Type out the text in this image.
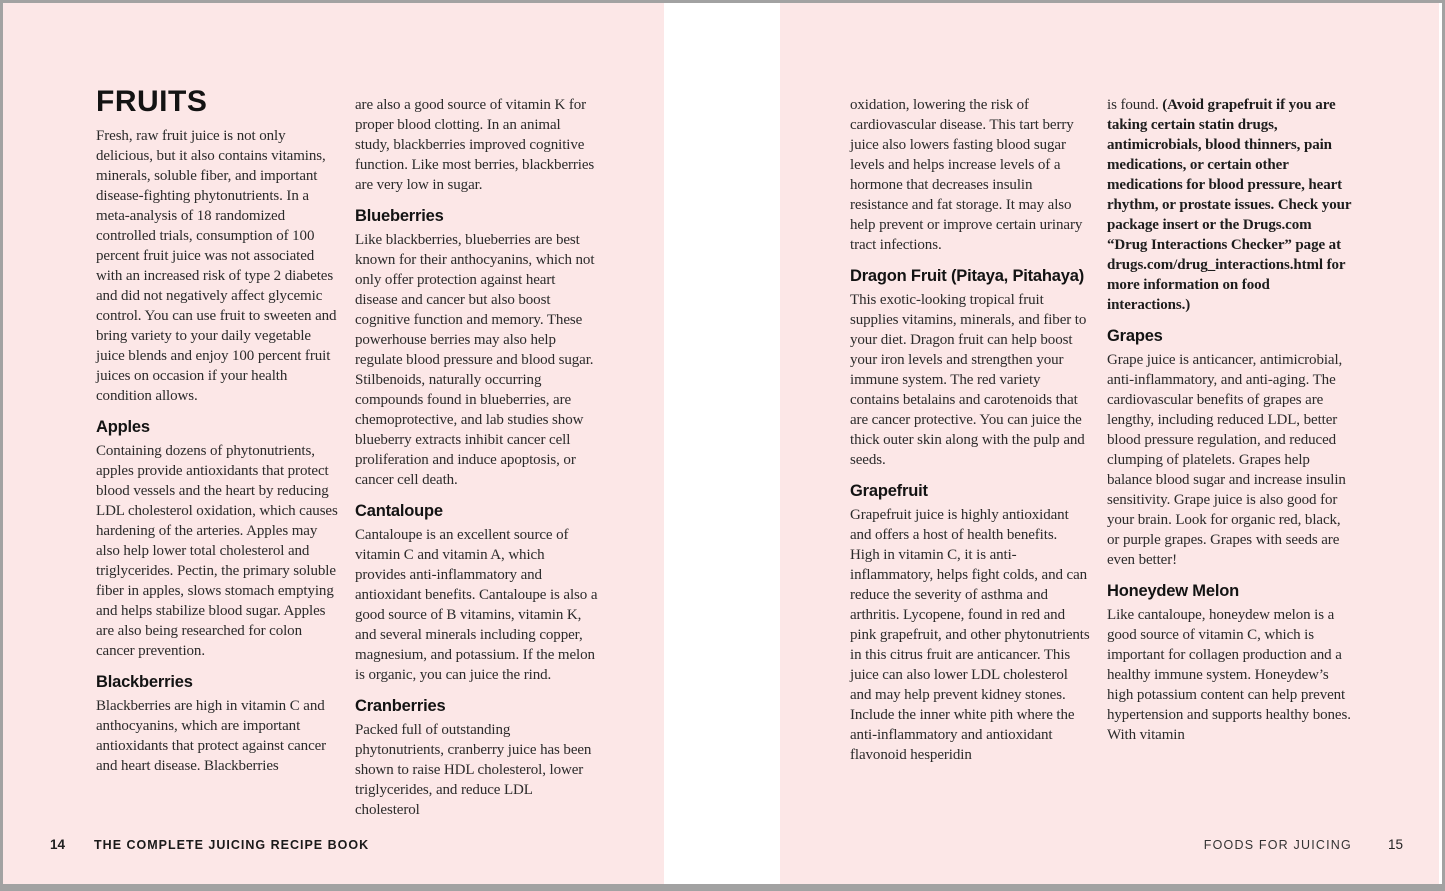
FRUITS

Fresh, raw fruit juice is not only delicious, but it also contains vitamins, minerals, soluble fiber, and important disease-fighting phytonutrients. In a meta-analysis of 18 randomized controlled trials, consumption of 100 percent fruit juice was not associated with an increased risk of type 2 diabetes and did not negatively affect glycemic control. You can use fruit to sweeten and bring variety to your daily vegetable juice blends and enjoy 100 percent fruit juices on occasion if your health condition allows.

Apples

Containing dozens of phytonutrients, apples provide antioxidants that protect blood vessels and the heart by reducing LDL cholesterol oxidation, which causes hardening of the arteries. Apples may also help lower total cholesterol and triglycerides. Pectin, the primary soluble fiber in apples, slows stomach emptying and helps stabilize blood sugar. Apples are also being researched for colon cancer prevention.

Blackberries

Blackberries are high in vitamin C and anthocyanins, which are important antioxidants that protect against cancer and heart disease. Blackberries

are also a good source of vitamin K for proper blood clotting. In an animal study, blackberries improved cognitive function. Like most berries, blackberries are very low in sugar.

Blueberries

Like blackberries, blueberries are best known for their anthocyanins, which not only offer protection against heart disease and cancer but also boost cognitive function and memory. These powerhouse berries may also help regulate blood pressure and blood sugar. Stilbenoids, naturally occurring compounds found in blueberries, are chemoprotective, and lab studies show blueberry extracts inhibit cancer cell proliferation and induce apoptosis, or cancer cell death.

Cantaloupe

Cantaloupe is an excellent source of vitamin C and vitamin A, which provides anti-inflammatory and antioxidant benefits. Cantaloupe is also a good source of B vitamins, vitamin K, and several minerals including copper, magnesium, and potassium. If the melon is organic, you can juice the rind.

Cranberries

Packed full of outstanding phytonutrients, cranberry juice has been shown to raise HDL cholesterol, lower triglycerides, and reduce LDL cholesterol

oxidation, lowering the risk of cardiovascular disease. This tart berry juice also lowers fasting blood sugar levels and helps increase levels of a hormone that decreases insulin resistance and fat storage. It may also help prevent or improve certain urinary tract infections.

Dragon Fruit (Pitaya, Pitahaya)

This exotic-looking tropical fruit supplies vitamins, minerals, and fiber to your diet. Dragon fruit can help boost your iron levels and strengthen your immune system. The red variety contains betalains and carotenoids that are cancer protective. You can juice the thick outer skin along with the pulp and seeds.

Grapefruit

Grapefruit juice is highly antioxidant and offers a host of health benefits. High in vitamin C, it is anti-inflammatory, helps fight colds, and can reduce the severity of asthma and arthritis. Lycopene, found in red and pink grapefruit, and other phytonutrients in this citrus fruit are anticancer. This juice can also lower LDL cholesterol and may help prevent kidney stones. Include the inner white pith where the anti-inflammatory and antioxidant flavonoid hesperidin

is found. (Avoid grapefruit if you are taking certain statin drugs, antimicrobials, blood thinners, pain medications, or certain other medications for blood pressure, heart rhythm, or prostate issues. Check your package insert or the Drugs.com “Drug Interactions Checker” page at drugs.com/drug_interactions.html for more information on food interactions.)

Grapes

Grape juice is anticancer, antimicrobial, anti-inflammatory, and anti-aging. The cardiovascular benefits of grapes are lengthy, including reduced LDL, better blood pressure regulation, and reduced clumping of platelets. Grapes help balance blood sugar and increase insulin sensitivity. Grape juice is also good for your brain. Look for organic red, black, or purple grapes. Grapes with seeds are even better!

Honeydew Melon

Like cantaloupe, honeydew melon is a good source of vitamin C, which is important for collagen production and a healthy immune system. Honeydew’s high potassium content can help prevent hypertension and supports healthy bones. With vitamin

14 THE COMPLETE JUICING RECIPE BOOK	FOODS FOR JUICING	15
